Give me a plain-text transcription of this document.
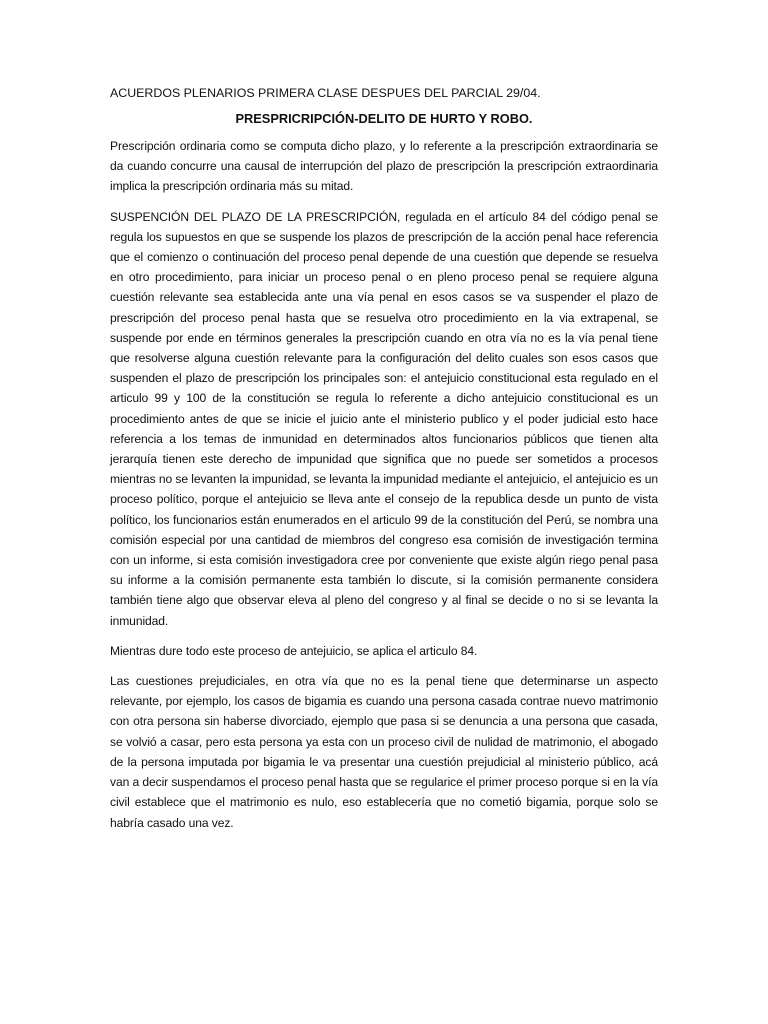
ACUERDOS PLENARIOS PRIMERA CLASE DESPUES DEL PARCIAL 29/04.
PRESPRICRIPCIÓN-DELITO DE HURTO Y ROBO.

Prescripción ordinaria como se computa dicho plazo, y lo referente a la prescripción extraordinaria se da cuando concurre una causal de interrupción del plazo de prescripción la prescripción extraordinaria implica la prescripción ordinaria más su mitad.

SUSPENCIÓN DEL PLAZO DE LA PRESCRIPCIÓN, regulada en el artículo 84 del código penal se regula los supuestos en que se suspende los plazos de prescripción de la acción penal hace referencia que el comienzo o continuación del proceso penal depende de una cuestión que depende se resuelva en otro procedimiento, para iniciar un proceso penal o en pleno proceso penal se requiere alguna cuestión relevante sea establecida ante una vía penal en esos casos se va suspender el plazo de prescripción del proceso penal hasta que se resuelva otro procedimiento en la via extrapenal, se suspende por ende en términos generales la prescripción cuando en otra vía no es la vía penal tiene que resolverse alguna cuestión relevante para la configuración del delito cuales son esos casos que suspenden el plazo de prescripción los principales son: el antejuicio constitucional esta regulado en el articulo 99 y 100 de la constitución se regula lo referente a dicho antejuicio constitucional es un procedimiento antes de que se inicie el juicio ante el ministerio publico y el poder judicial esto hace referencia a los temas de inmunidad en determinados altos funcionarios públicos que tienen alta jerarquía tienen este derecho de impunidad que significa que no puede ser sometidos a procesos mientras no se levanten la impunidad, se levanta la impunidad mediante el antejuicio, el antejuicio es un proceso político, porque el antejuicio se lleva ante el consejo de la republica desde un punto de vista político, los funcionarios están enumerados en el articulo 99 de la constitución del Perú, se nombra una comisión especial por una cantidad de miembros del congreso esa comisión de investigación termina con un informe, si esta comisión investigadora cree por conveniente que existe algún riego penal pasa su informe a la comisión permanente esta también lo discute, si la comisión permanente considera también tiene algo que observar eleva al pleno del congreso y al final se decide o no si se levanta la inmunidad.

Mientras dure todo este proceso de antejuicio, se aplica el articulo 84.

Las cuestiones prejudiciales, en otra vía que no es la penal tiene que determinarse un aspecto relevante, por ejemplo, los casos de bigamia es cuando una persona casada contrae nuevo matrimonio con otra persona sin haberse divorciado, ejemplo que pasa si se denuncia a una persona que casada, se volvió a casar, pero esta persona ya esta con un proceso civil de nulidad de matrimonio, el abogado de la persona imputada por bigamia le va presentar una cuestión prejudicial al ministerio público, acá van a decir suspendamos el proceso penal hasta que se regularice el primer proceso porque si en la vía civil establece que el matrimonio es nulo, eso establecería que no cometió bigamia, porque solo se habría casado una vez.
